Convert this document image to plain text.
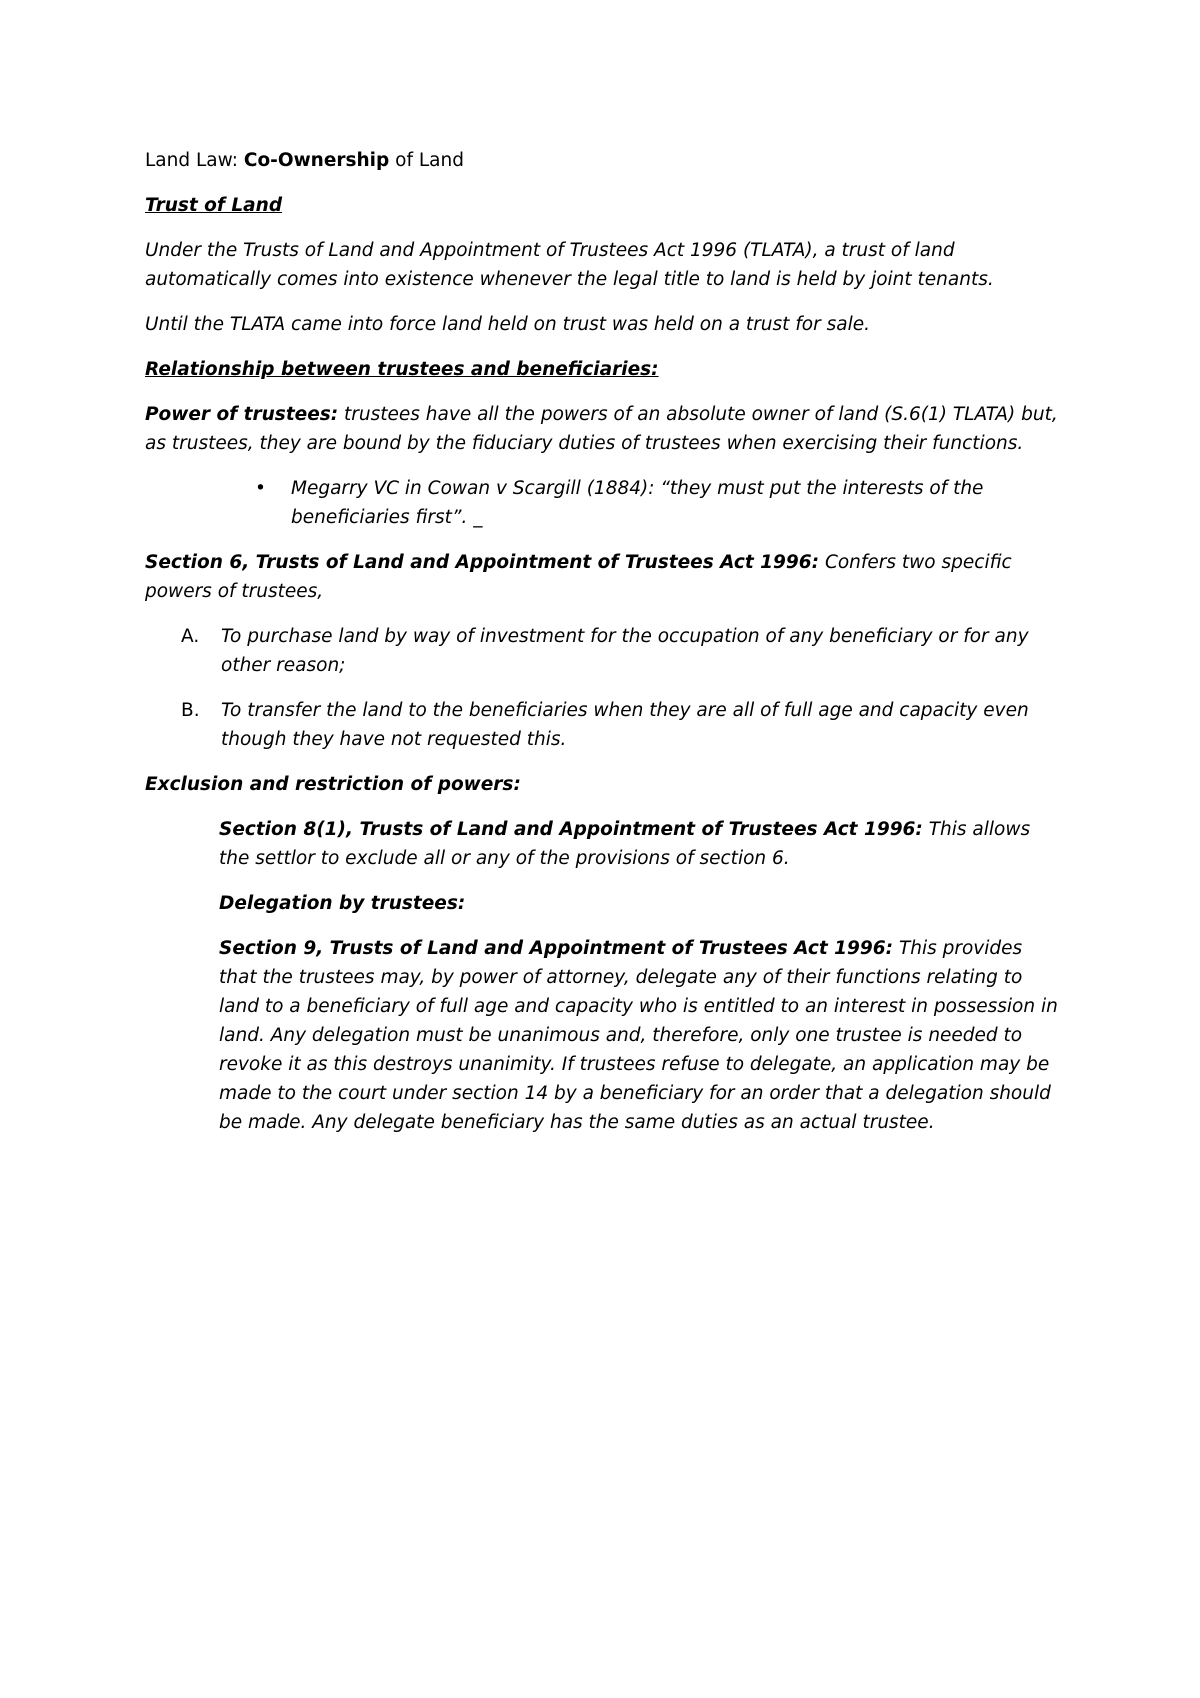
Land Law: Co-Ownership of Land

Trust of Land

Under the Trusts of Land and Appointment of Trustees Act 1996 (TLATA), a trust of land automatically comes into existence whenever the legal title to land is held by joint tenants.

Until the TLATA came into force land held on trust was held on a trust for sale.

Relationship between trustees and beneficiaries:

Power of trustees: trustees have all the powers of an absolute owner of land (S.6(1) TLATA) but, as trustees, they are bound by the fiduciary duties of trustees when exercising their functions.

• Megarry VC in Cowan v Scargill (1884): “they must put the interests of the beneficiaries first”. _

Section 6, Trusts of Land and Appointment of Trustees Act 1996: Confers two specific powers of trustees,

A. To purchase land by way of investment for the occupation of any beneficiary or for any other reason;
B. To transfer the land to the beneficiaries when they are all of full age and capacity even though they have not requested this.

Exclusion and restriction of powers:

Section 8(1), Trusts of Land and Appointment of Trustees Act 1996: This allows the settlor to exclude all or any of the provisions of section 6.

Delegation by trustees:

Section 9, Trusts of Land and Appointment of Trustees Act 1996: This provides that the trustees may, by power of attorney, delegate any of their functions relating to land to a beneficiary of full age and capacity who is entitled to an interest in possession in land. Any delegation must be unanimous and, therefore, only one trustee is needed to revoke it as this destroys unanimity. If trustees refuse to delegate, an application may be made to the court under section 14 by a beneficiary for an order that a delegation should be made. Any delegate beneficiary has the same duties as an actual trustee.
